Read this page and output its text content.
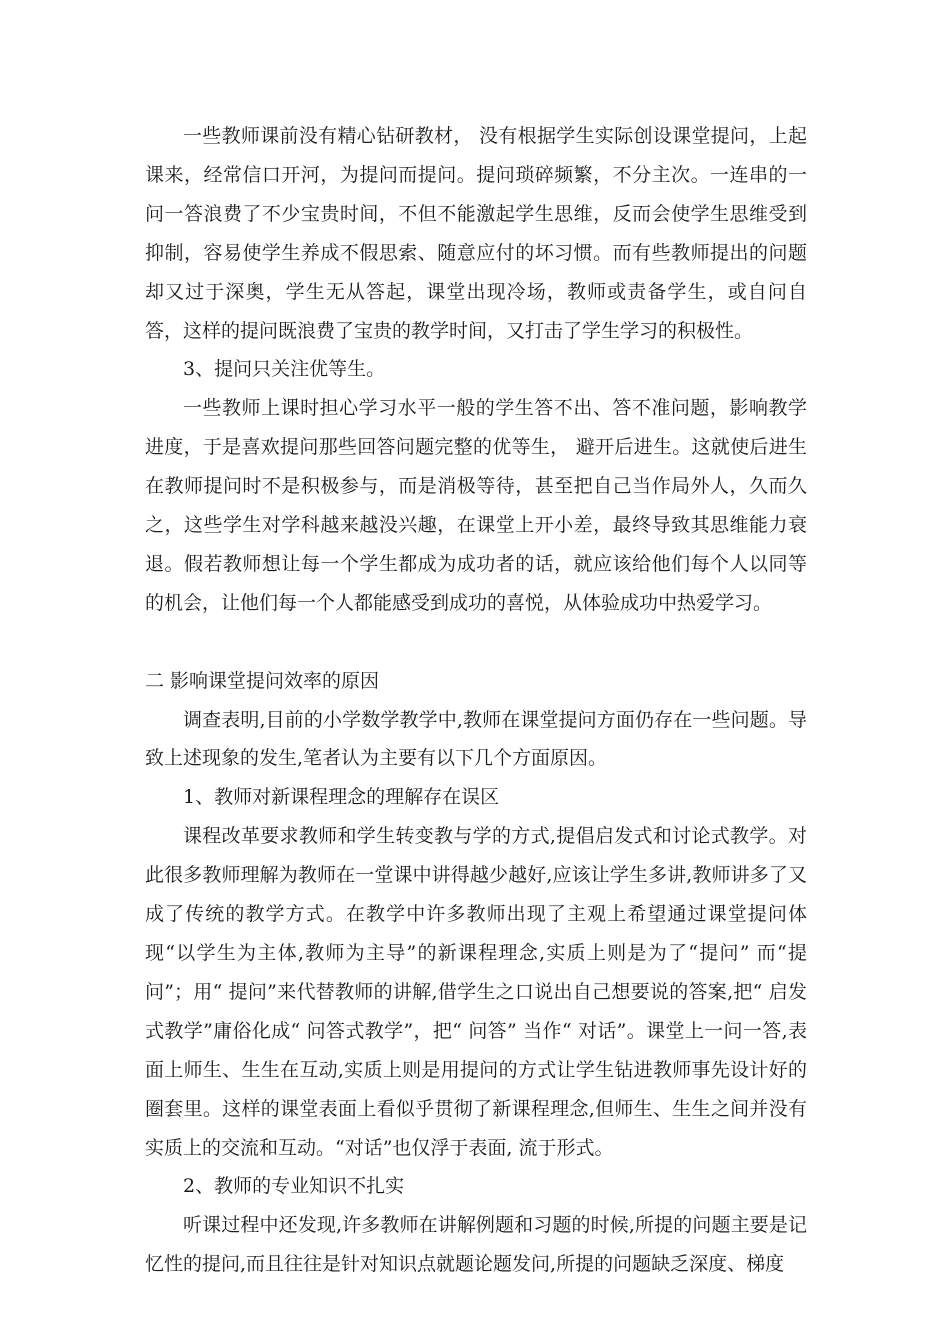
一些教师课前没有精心钻研教材， 没有根据学生实际创设课堂提问，上起课来，经常信口开河，为提问而提问。提问琐碎频繁，不分主次。一连串的一问一答浪费了不少宝贵时间，不但不能激起学生思维，反而会使学生思维受到抑制，容易使学生养成不假思索、随意应付的坏习惯。而有些教师提出的问题却又过于深奥，学生无从答起，课堂出现冷场，教师或责备学生，或自问自答，这样的提问既浪费了宝贵的教学时间，又打击了学生学习的积极性。

3、提问只关注优等生。

一些教师上课时担心学习水平一般的学生答不出、答不准问题，影响教学进度，于是喜欢提问那些回答问题完整的优等生， 避开后进生。这就使后进生在教师提问时不是积极参与，而是消极等待，甚至把自己当作局外人，久而久之，这些学生对学科越来越没兴趣，在课堂上开小差，最终导致其思维能力衰退。假若教师想让每一个学生都成为成功者的话，就应该给他们每个人以同等的机会，让他们每一个人都能感受到成功的喜悦，从体验成功中热爱学习。

二 影响课堂提问效率的原因

调查表明,目前的小学数学教学中,教师在课堂提问方面仍存在一些问题。导致上述现象的发生,笔者认为主要有以下几个方面原因。

1、教师对新课程理念的理解存在误区

课程改革要求教师和学生转变教与学的方式,提倡启发式和讨论式教学。对此很多教师理解为教师在一堂课中讲得越少越好,应该让学生多讲,教师讲多了又成了传统的教学方式。在教学中许多教师出现了主观上希望通过课堂提问体现“以学生为主体,教师为主导”的新课程理念,实质上则是为了“提问” 而“提问”；用“ 提问”来代替教师的讲解,借学生之口说出自己想要说的答案,把“ 启发式教学”庸俗化成“ 问答式教学”，把“ 问答” 当作“ 对话”。课堂上一问一答,表面上师生、生生在互动,实质上则是用提问的方式让学生钻进教师事先设计好的圈套里。这样的课堂表面上看似乎贯彻了新课程理念,但师生、生生之间并没有实质上的交流和互动。“对话”也仅浮于表面, 流于形式。

2、教师的专业知识不扎实

听课过程中还发现,许多教师在讲解例题和习题的时候,所提的问题主要是记忆性的提问,而且往往是针对知识点就题论题发问,所提的问题缺乏深度、梯度
